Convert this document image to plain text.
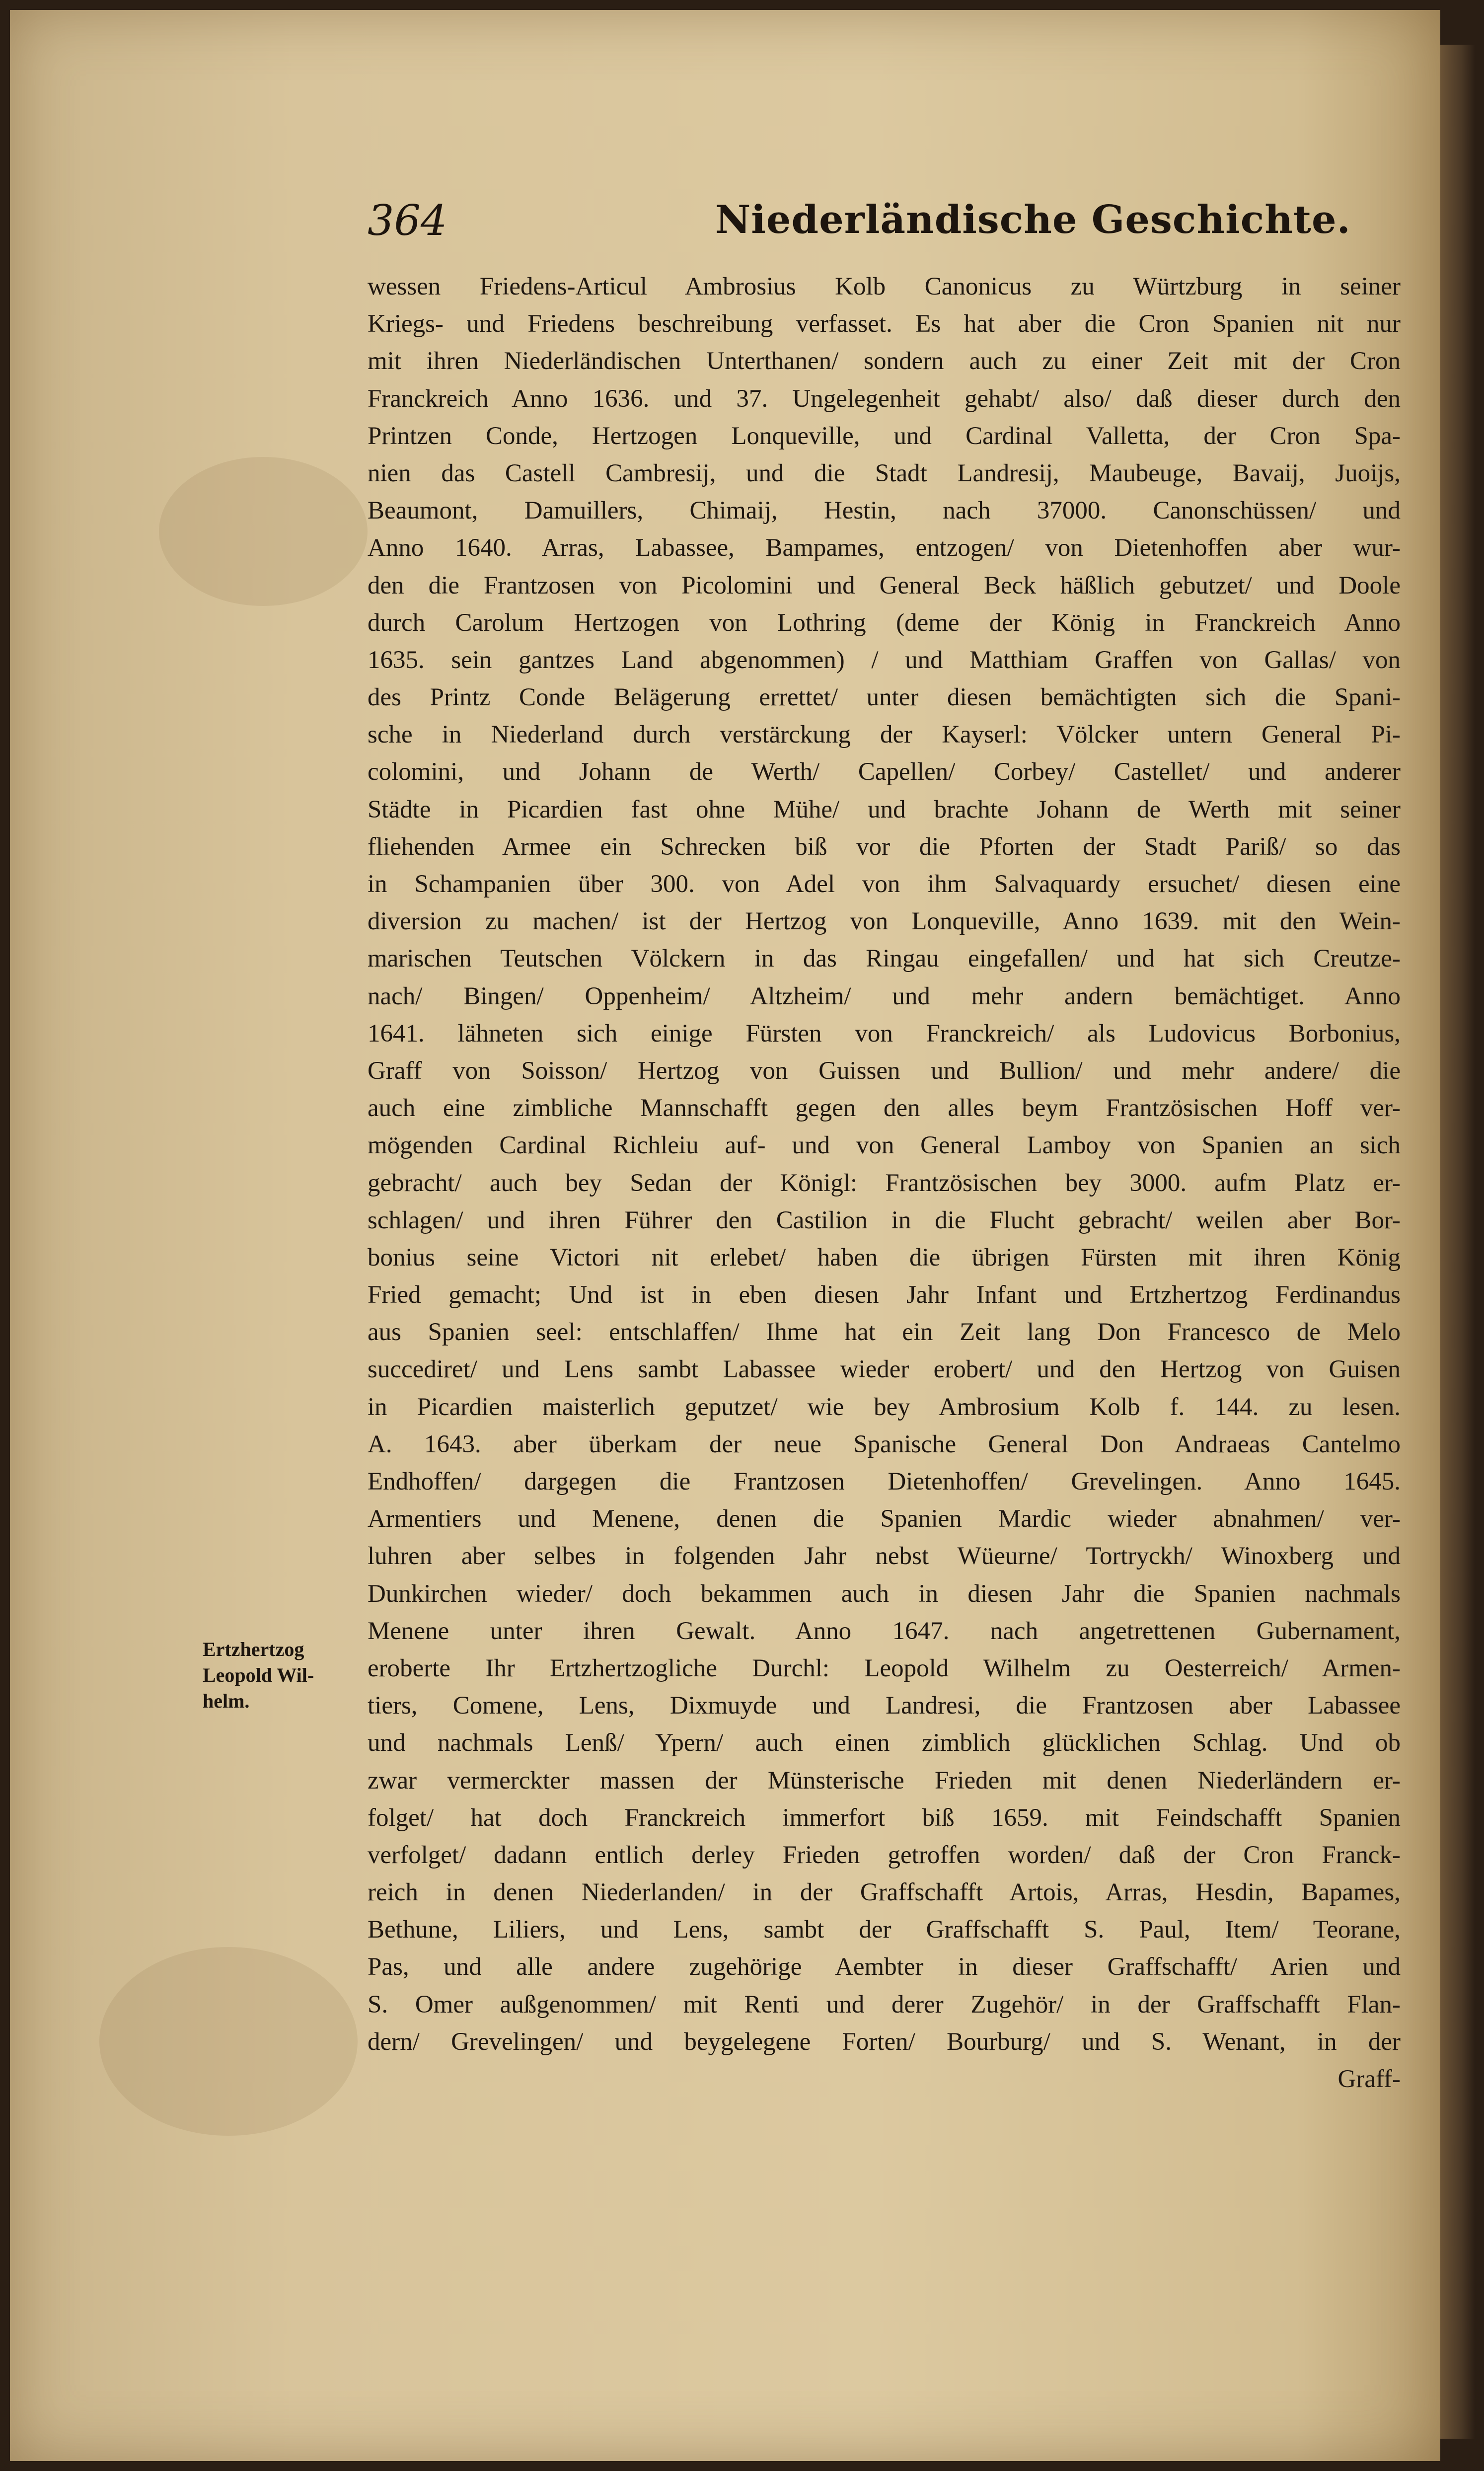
364	Niederländische Geschichte.
Ertzhertzog
Leopold Wil-
helm.
wessen Friedens-Articul Ambrosius Kolb Canonicus zu Würtzburg in seiner
Kriegs- und Friedens beschreibung verfasset. Es hat aber die Cron Spanien nit nur
mit ihren Niederländischen Unterthanen/ sondern auch zu einer Zeit mit der Cron
Franckreich Anno 1636. und 37. Ungelegenheit gehabt/ also/ daß dieser durch den
Printzen Conde, Hertzogen Lonqueville, und Cardinal Valletta, der Cron Spa-
nien das Castell Cambresij, und die Stadt Landresij, Maubeuge, Bavaij, Juoijs,
Beaumont, Damuillers, Chimaij, Hestin, nach 37000. Canonschüssen/ und
Anno 1640. Arras, Labassee, Bampames, entzogen/ von Dietenhoffen aber wur-
den die Frantzosen von Picolomini und General Beck häßlich gebutzet/ und Doole
durch Carolum Hertzogen von Lothring (deme der König in Franckreich Anno
1635. sein gantzes Land abgenommen) / und Matthiam Graffen von Gallas/ von
des Printz Conde Belägerung errettet/ unter diesen bemächtigten sich die Spani-
sche in Niederland durch verstärckung der Kayserl: Völcker untern General Pi-
colomini, und Johann de Werth/ Capellen/ Corbey/ Castellet/ und anderer
Städte in Picardien fast ohne Mühe/ und brachte Johann de Werth mit seiner
fliehenden Armee ein Schrecken biß vor die Pforten der Stadt Pariß/ so das
in Schampanien über 300. von Adel von ihm Salvaquardy ersuchet/ diesen eine
diversion zu machen/ ist der Hertzog von Lonqueville, Anno 1639. mit den Wein-
marischen Teutschen Völckern in das Ringau eingefallen/ und hat sich Creutze-
nach/ Bingen/ Oppenheim/ Altzheim/ und mehr andern bemächtiget. Anno
1641. lähneten sich einige Fürsten von Franckreich/ als Ludovicus Borbonius,
Graff von Soisson/ Hertzog von Guissen und Bullion/ und mehr andere/ die
auch eine zimbliche Mannschafft gegen den alles beym Frantzösischen Hoff ver-
mögenden Cardinal Richleiu auf- und von General Lamboy von Spanien an sich
gebracht/ auch bey Sedan der Königl: Frantzösischen bey 3000. aufm Platz er-
schlagen/ und ihren Führer den Castilion in die Flucht gebracht/ weilen aber Bor-
bonius seine Victori nit erlebet/ haben die übrigen Fürsten mit ihren König
Fried gemacht; Und ist in eben diesen Jahr Infant und Ertzhertzog Ferdinandus
aus Spanien seel: entschlaffen/ Ihme hat ein Zeit lang Don Francesco de Melo
succediret/ und Lens sambt Labassee wieder erobert/ und den Hertzog von Guisen
in Picardien maisterlich geputzet/ wie bey Ambrosium Kolb f. 144. zu lesen.
A. 1643. aber überkam der neue Spanische General Don Andraeas Cantelmo
Endhoffen/ dargegen die Frantzosen Dietenhoffen/ Grevelingen. Anno 1645.
Armentiers und Menene, denen die Spanien Mardic wieder abnahmen/ ver-
luhren aber selbes in folgenden Jahr nebst Wüeurne/ Tortryckh/ Winoxberg und
Dunkirchen wieder/ doch bekammen auch in diesen Jahr die Spanien nachmals
Menene unter ihren Gewalt. Anno 1647. nach angetrettenen Gubernament,
eroberte Ihr Ertzhertzogliche Durchl: Leopold Wilhelm zu Oesterreich/ Armen-
tiers, Comene, Lens, Dixmuyde und Landresi, die Frantzosen aber Labassee
und nachmals Lenß/ Ypern/ auch einen zimblich glücklichen Schlag. Und ob
zwar vermerckter massen der Münsterische Frieden mit denen Niederländern er-
folget/ hat doch Franckreich immerfort biß 1659. mit Feindschafft Spanien
verfolget/ dadann entlich derley Frieden getroffen worden/ daß der Cron Franck-
reich in denen Niederlanden/ in der Graffschafft Artois, Arras, Hesdin, Bapames,
Bethune, Liliers, und Lens, sambt der Graffschafft S. Paul, Item/ Teorane,
Pas, und alle andere zugehörige Aembter in dieser Graffschafft/ Arien und
S. Omer außgenommen/ mit Renti und derer Zugehör/ in der Graffschafft Flan-
dern/ Grevelingen/ und beygelegene Forten/ Bourburg/ und S. Wenant, in der
Graff-
